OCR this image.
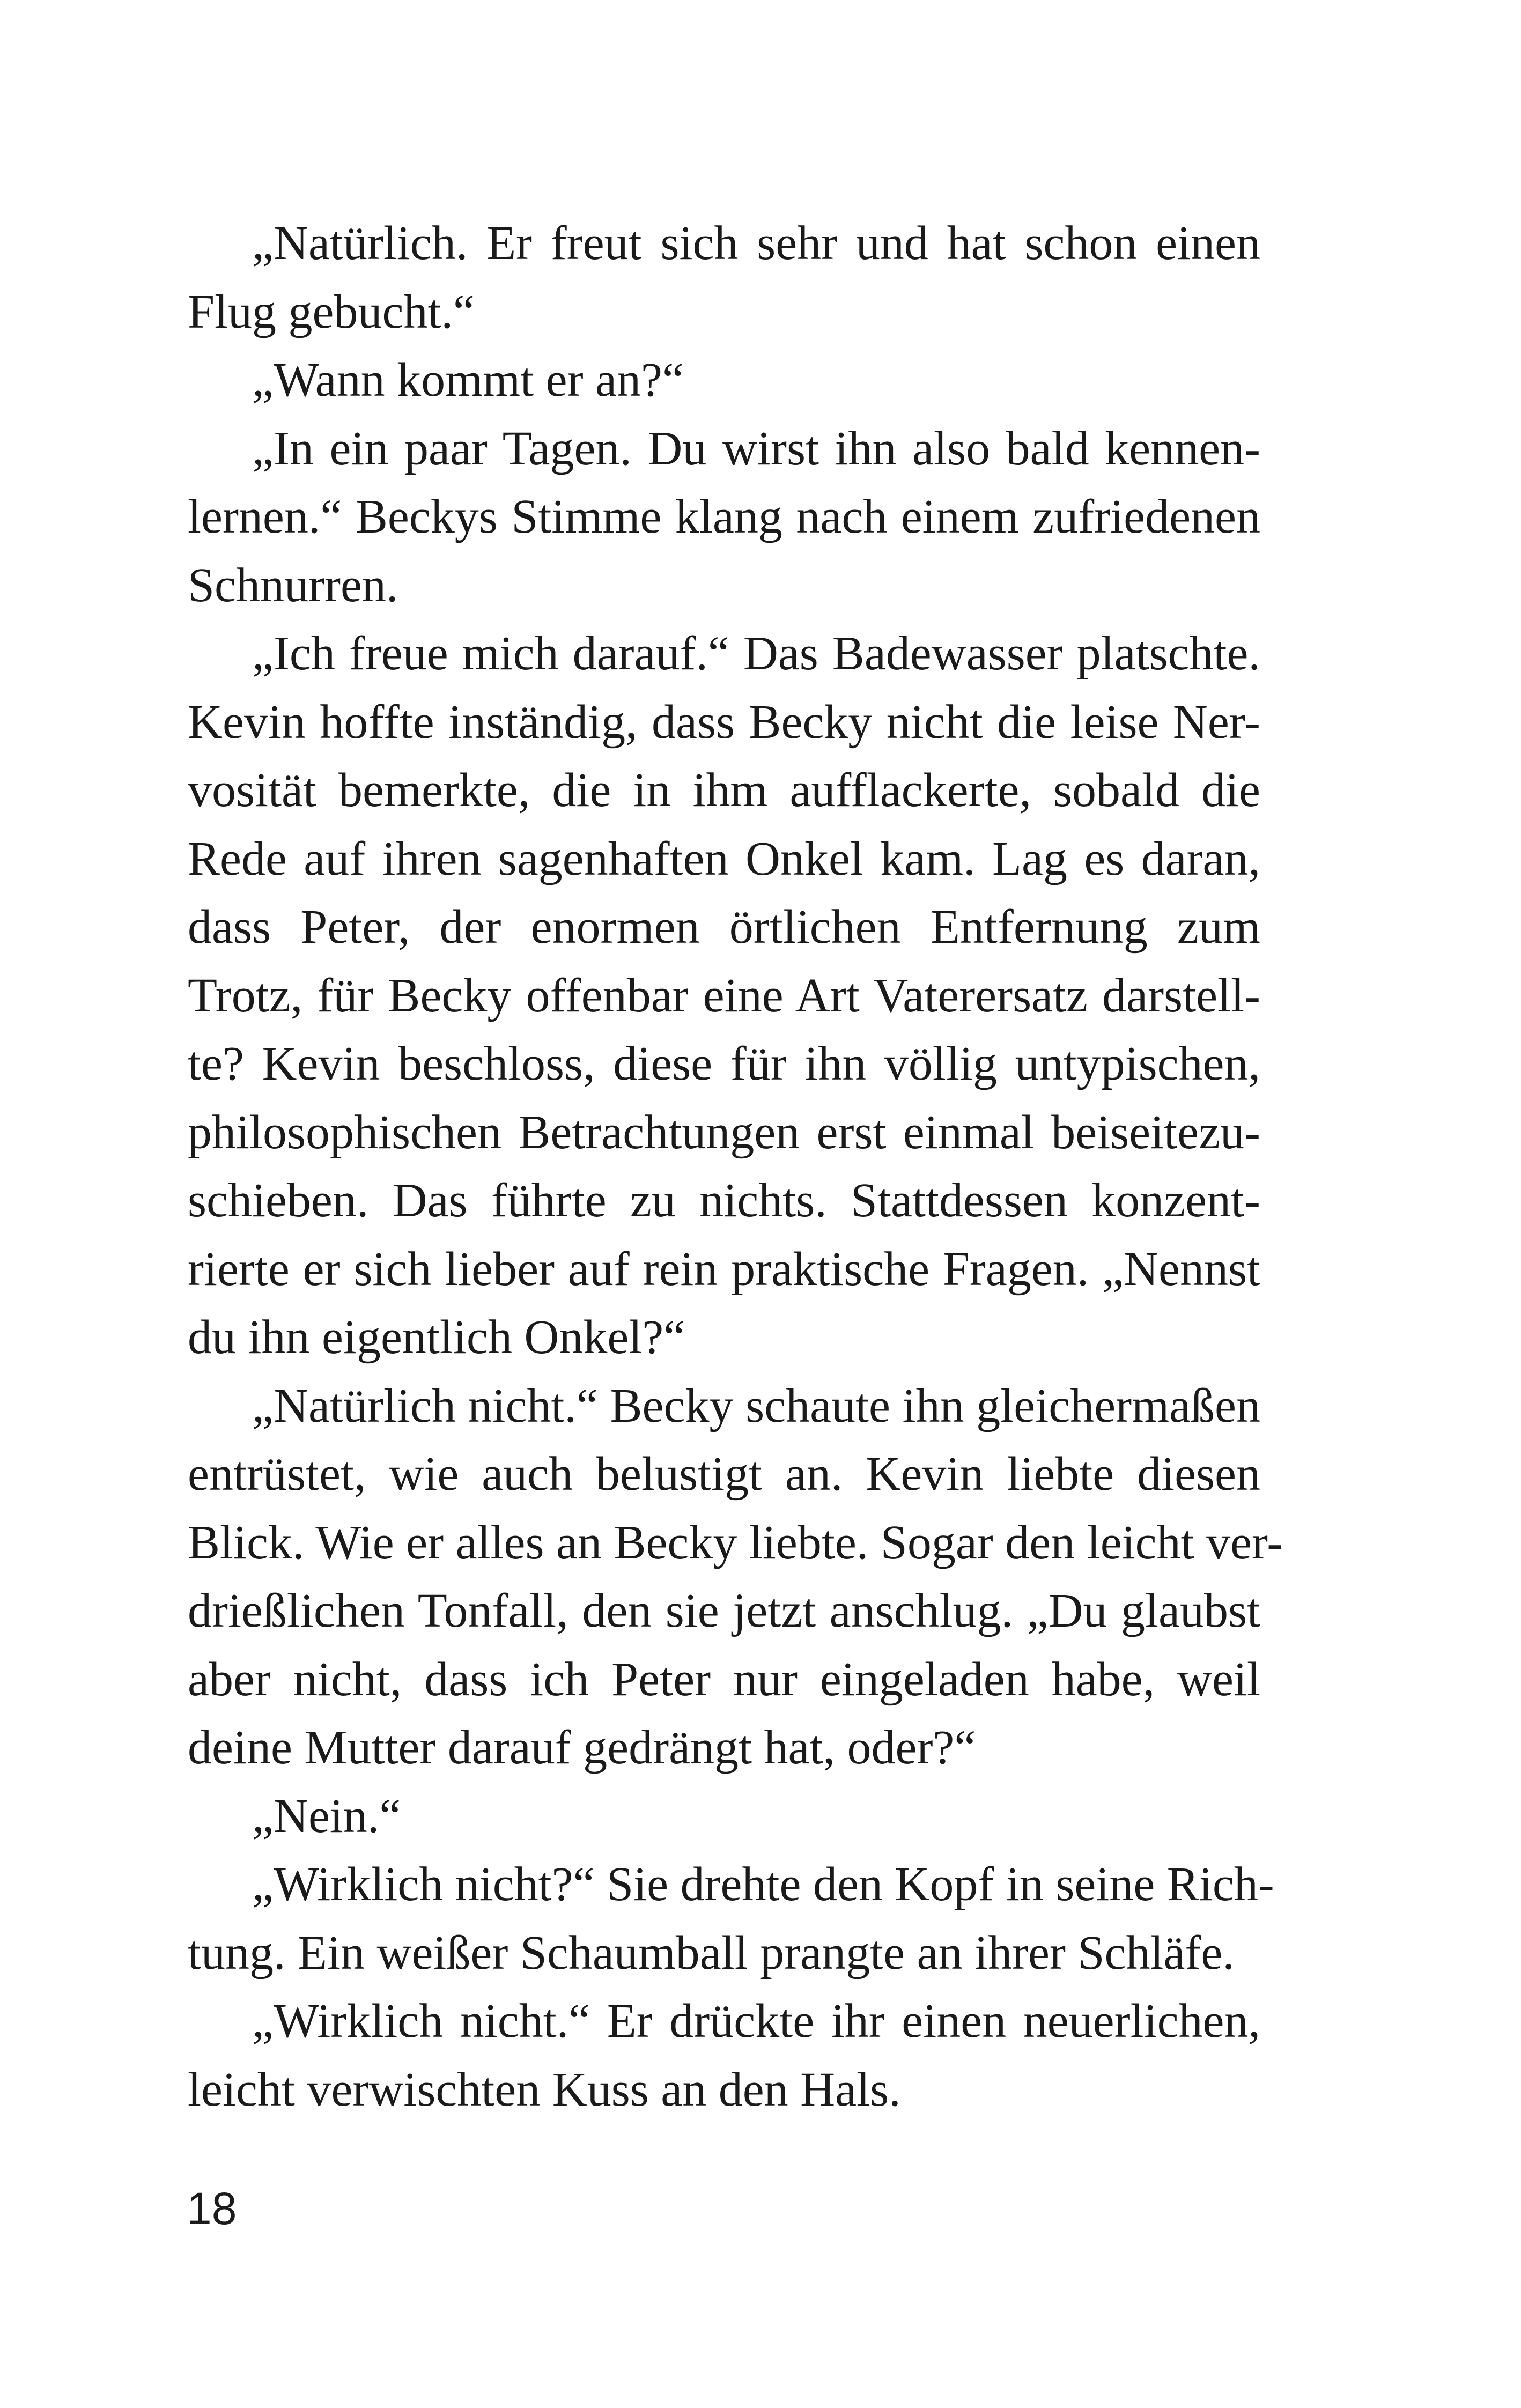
„Natürlich. Er freut sich sehr und hat schon einen
Flug gebucht.“

„Wann kommt er an?“

„In ein paar Tagen. Du wirst ihn also bald kennen-
lernen.“ Beckys Stimme klang nach einem zufriedenen
Schnurren.

„Ich freue mich darauf.“ Das Badewasser platschte.
Kevin hoffte inständig, dass Becky nicht die leise Ner-
vosität bemerkte, die in ihm aufflackerte, sobald die
Rede auf ihren sagenhaften Onkel kam. Lag es daran,
dass Peter, der enormen örtlichen Entfernung zum
Trotz, für Becky offenbar eine Art Vaterersatz darstell-
te? Kevin beschloss, diese für ihn völlig untypischen,
philosophischen Betrachtungen erst einmal beiseitezu-
schieben. Das führte zu nichts. Stattdessen konzent-
rierte er sich lieber auf rein praktische Fragen. „Nennst
du ihn eigentlich Onkel?“

„Natürlich nicht.“ Becky schaute ihn gleichermaßen
entrüstet, wie auch belustigt an. Kevin liebte diesen
Blick. Wie er alles an Becky liebte. Sogar den leicht ver-
drießlichen Tonfall, den sie jetzt anschlug. „Du glaubst
aber nicht, dass ich Peter nur eingeladen habe, weil
deine Mutter darauf gedrängt hat, oder?“

„Nein.“

„Wirklich nicht?“ Sie drehte den Kopf in seine Rich-
tung. Ein weißer Schaumball prangte an ihrer Schläfe.

„Wirklich nicht.“ Er drückte ihr einen neuerlichen,
leicht verwischten Kuss an den Hals.

18
